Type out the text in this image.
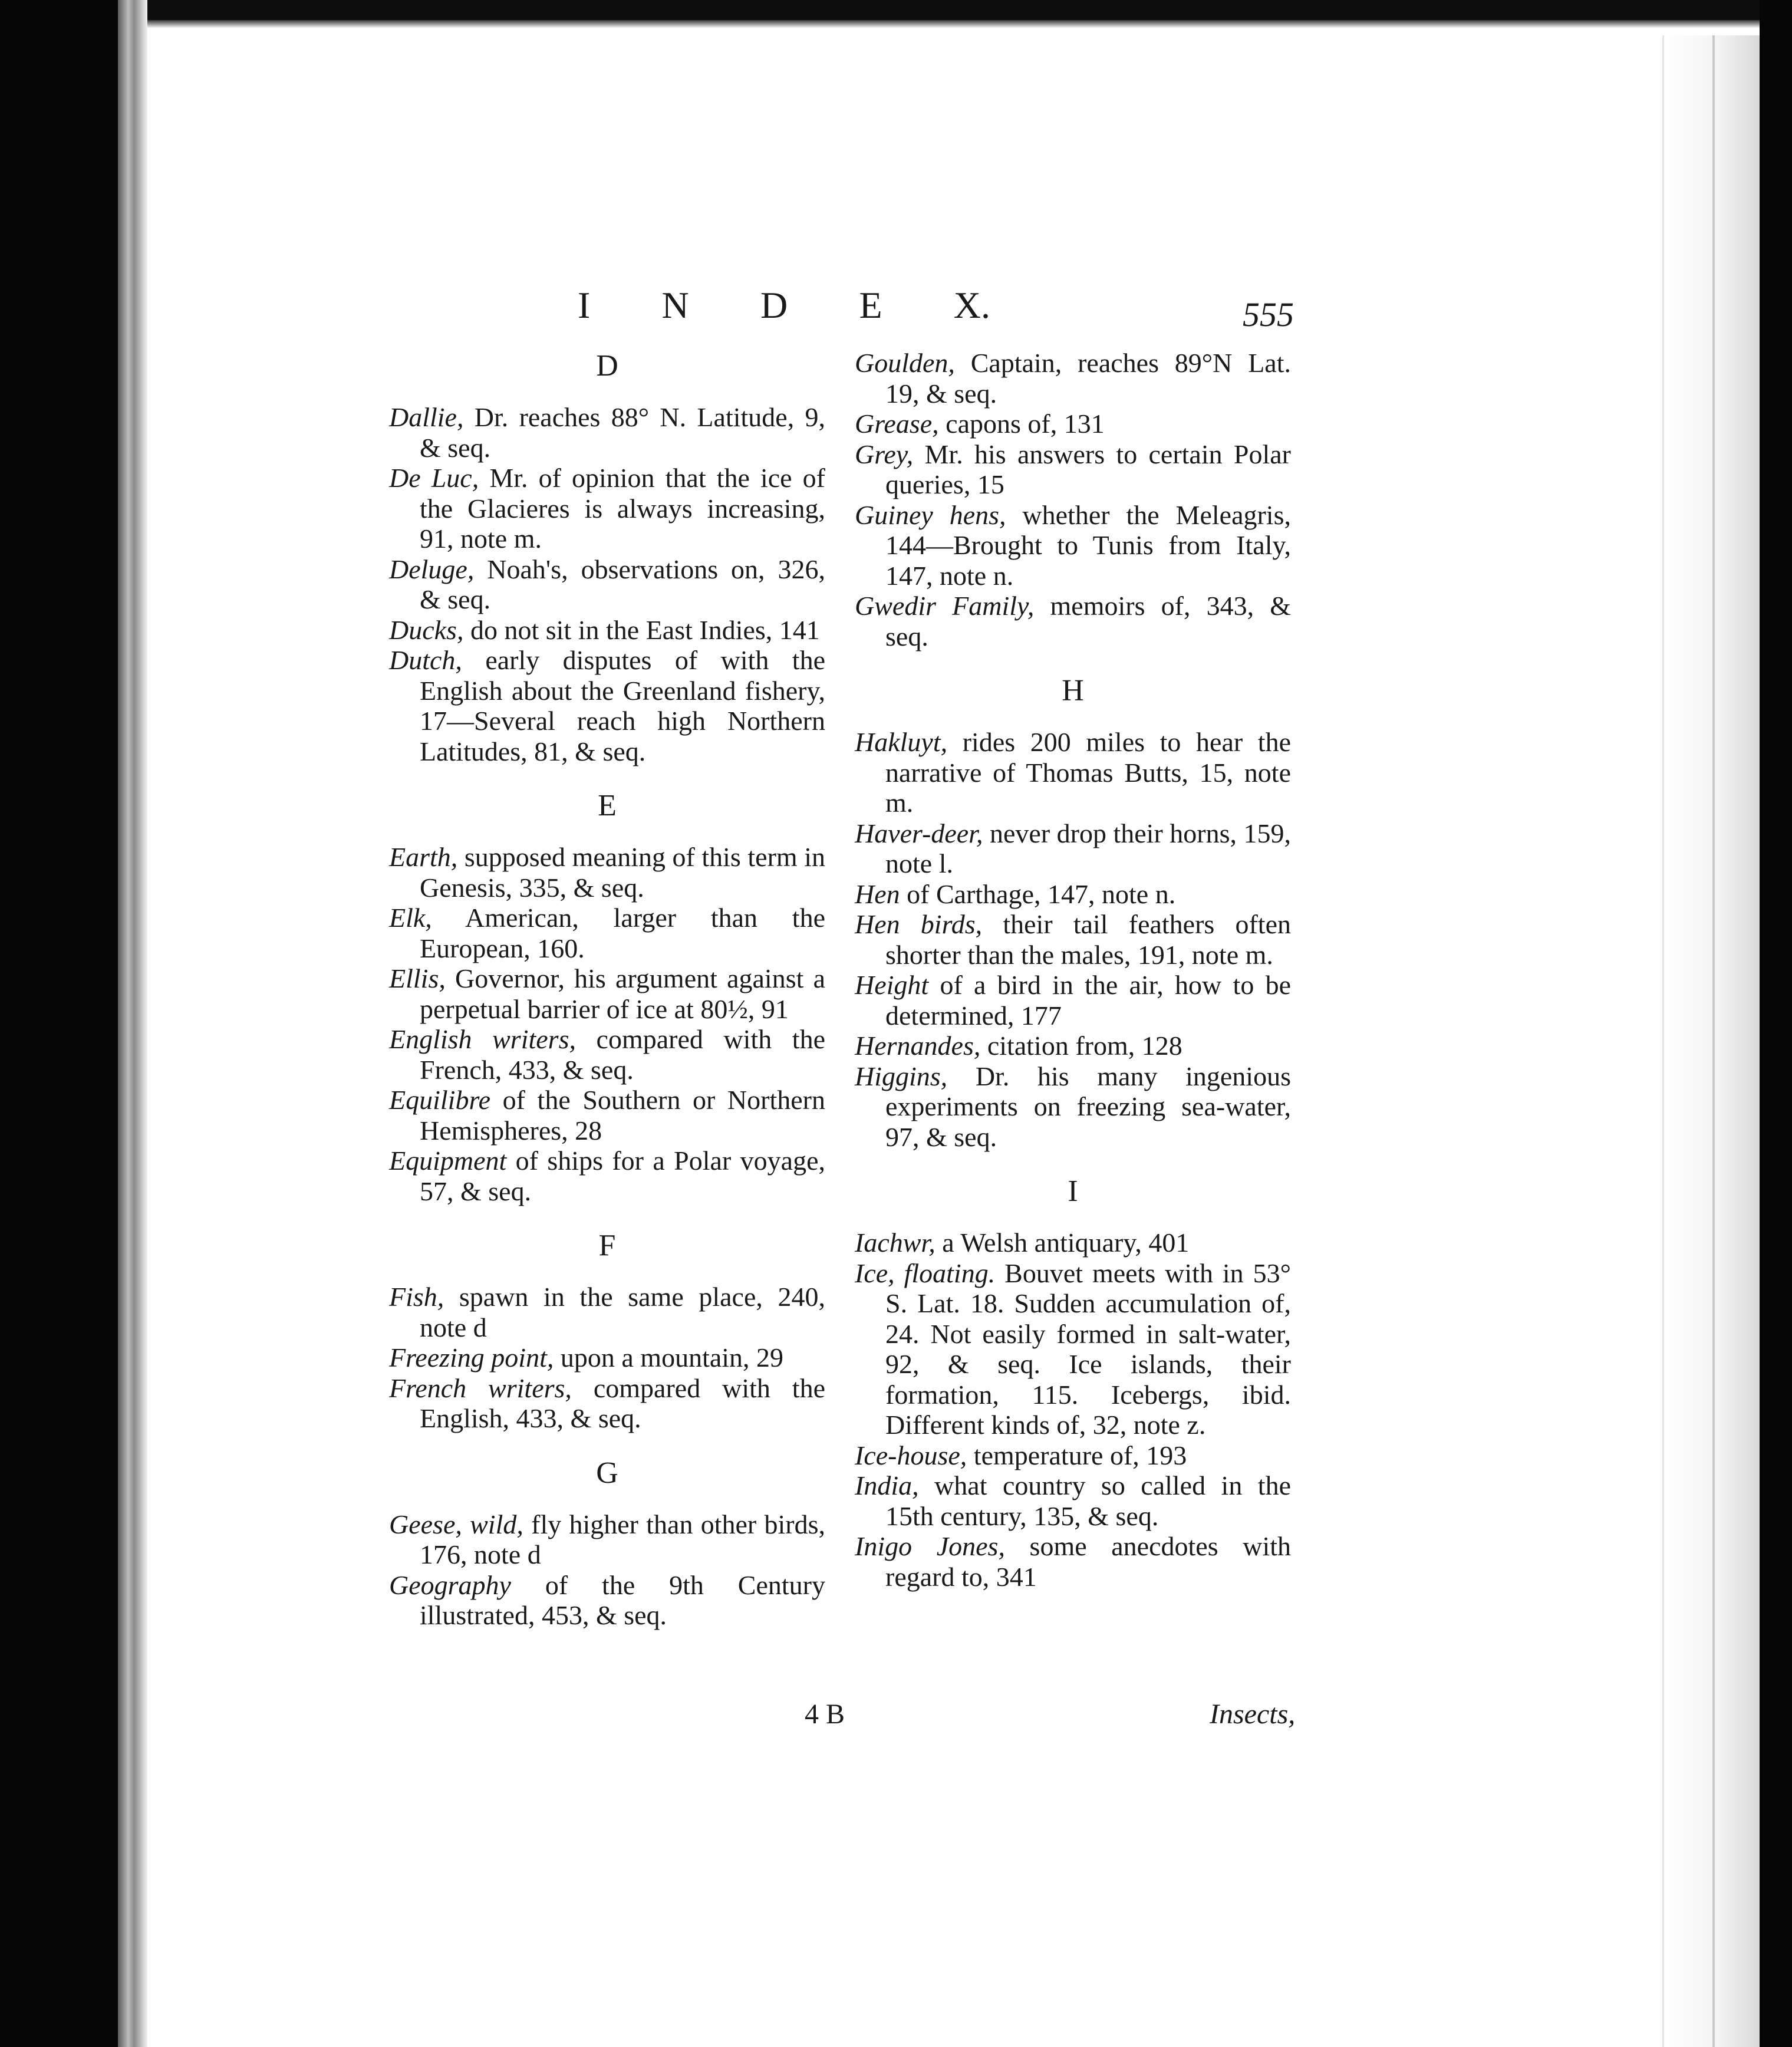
I N D E X.	555
D
Dallie, Dr. reaches 88° N. Latitude, 9, & seq.
De Luc, Mr. of opinion that the ice of the Glacieres is always increasing, 91, note m.
Deluge, Noah's, observations on, 326, & seq.
Ducks, do not sit in the East Indies, 141
Dutch, early disputes of with the English about the Greenland fishery, 17—Several reach high Northern Latitudes, 81, & seq.
E
Earth, supposed meaning of this term in Genesis, 335, & seq.
Elk, American, larger than the European, 160.
Ellis, Governor, his argument against a perpetual barrier of ice at 80½, 91
English writers, compared with the French, 433, & seq.
Equilibre of the Southern or Northern Hemispheres, 28
Equipment of ships for a Polar voyage, 57, & seq.
F
Fish, spawn in the same place, 240, note d
Freezing point, upon a mountain, 29
French writers, compared with the English, 433, & seq.
G
Geese, wild, fly higher than other birds, 176, note d
Geography of the 9th Century illustrated, 453, & seq.
Goulden, Captain, reaches 89°N Lat. 19, & seq.
Grease, capons of, 131
Grey, Mr. his answers to certain Polar queries, 15
Guiney hens, whether the Meleagris, 144—Brought to Tunis from Italy, 147, note n.
Gwedir Family, memoirs of, 343, & seq.
H
Hakluyt, rides 200 miles to hear the narrative of Thomas Butts, 15, note m.
Haver-deer, never drop their horns, 159, note l.
Hen of Carthage, 147, note n.
Hen birds, their tail feathers often shorter than the males, 191, note m.
Height of a bird in the air, how to be determined, 177
Hernandes, citation from, 128
Higgins, Dr. his many ingenious experiments on freezing sea-water, 97, & seq.
I
Iachwr, a Welsh antiquary, 401
Ice, floating. Bouvet meets with in 53° S. Lat. 18. Sudden accumulation of, 24. Not easily formed in salt-water, 92, & seq. Ice islands, their formation, 115. Icebergs, ibid. Different kinds of, 32, note z.
Ice-house, temperature of, 193
India, what country so called in the 15th century, 135, & seq.
Inigo Jones, some anecdotes with regard to, 341
4 B	Insects,
